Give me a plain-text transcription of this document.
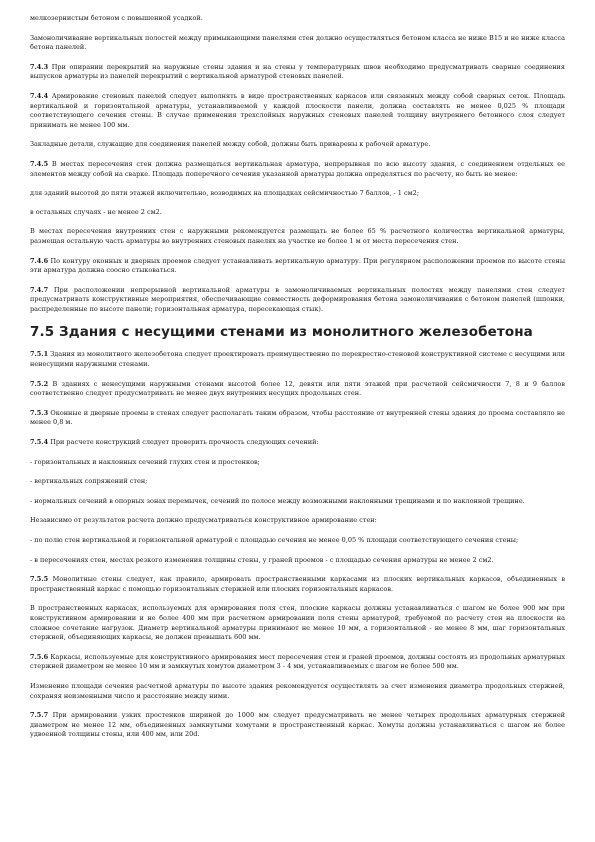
мелкозернистым бетоном с повышенной усадкой.

Замоноличивание вертикальных полостей между примыкающими панелями стен должно осуществляться бетоном класса не ниже В15 и не ниже класса бетона панелей.

7.4.3 При опирании перекрытий на наружные стены здания и на стены у температурных швов необходимо предусматривать сварные соединения выпусков арматуры из панелей перекрытий с вертикальной арматурой стеновых панелей.

7.4.4 Армирование стеновых панелей следует выполнять в виде пространственных каркасов или связанных между собой сварных сеток. Площадь вертикальной и горизонтальной арматуры, устанавливаемой у каждой плоскости панели, должна составлять не менее 0,025 % площади соответствующего сечения стены. В случае применения трехслойных наружных стеновых панелей толщину внутреннего бетонного слоя следует принимать не менее 100 мм.

Закладные детали, служащие для соединения панелей между собой, должны быть приварены к рабочей арматуре.

7.4.5 В местах пересечения стен должна размещаться вертикальная арматура, непрерывная по всю высоту здания, с соединением отдельных ее элементов между собой на сварке. Площадь поперечного сечения указанной арматуры должна определяться по расчету, но быть не менее:

для зданий высотой до пяти этажей включительно, возводимых на площадках сейсмичностью 7 баллов, - 1 см2;

в остальных случаях - не менее 2 см2.

В местах пересечения внутренних стен с наружными рекомендуется размещать не более 65 % расчетного количества вертикальной арматуры, размещая остальную часть арматуры во внутренних стеновых панелях на участке не более 1 м от места пересечения стен.

7.4.6 По контуру оконных и дверных проемов следует устанавливать вертикальную арматуру. При регулярном расположении проемов по высоте стены эти арматура должна соосно стыковаться.

7.4.7 При расположении непрерывной вертикальной арматуры в замоноличиваемых вертикальных полостях между панелями стен следует предусматривать конструктивные мероприятия, обеспечивающие совместность деформирования бетона замоноличивания с бетоном панелей (шпонки, распределенные по высоте панели; горизонтальная арматура, пересекающая стык).

7.5 Здания с несущими стенами из монолитного железобетона

7.5.1 Здания из монолитного железобетона следует проектировать преимущественно по перекрестно-стеновой конструктивной системе с несущими или ненесущими наружными стенами.

7.5.2 В зданиях с ненесущими наружными стенами высотой более 12, девяти или пяти этажей при расчетной сейсмичности 7, 8 и 9 баллов соответственно следует предусматривать не менее двух внутренних несущих продольных стен.

7.5.3 Оконные и дверные проемы в стенах следует располагать таким образом, чтобы расстояние от внутренней стены здания до проема составляло не менее 0,8 м.

7.5.4 При расчете конструкций следует проверить прочность следующих сечений:

- горизонтальных и наклонных сечений глухих стен и простенков;

- вертикальных сопряжений стен;

- нормальных сечений в опорных зонах перемычек, сечений по полосе между возможными наклонными трещинами и по наклонной трещине.

Независимо от результатов расчета должно предусматриваться конструктивное армирование стен:

- по полю стен вертикальной и горизонтальной арматурой с площадью сечения не менее 0,05 % площади соответствующего сечения стены;

- в пересечениях стен, местах резкого изменения толщины стены, у граней проемов - с площадью сечения арматуры не менее 2 см2.

7.5.5 Монолитные стены следует, как правило, армировать пространственными каркасами из плоских вертикальных каркасов, объединенных в пространственный каркас с помощью горизонтальных стержней или плоских горизонтальных каркасов.

В пространственных каркасах, используемых для армирования поля стен, плоские каркасы должны устанавливаться с шагом не более 900 мм при конструктивном армировании и не более 400 мм при расчетном армировании поля стены арматурой, требуемой по расчету стен на плоскости на сложное сочетание нагрузок. Диаметр вертикальной арматуры принимают не менее 10 мм, а горизонтальной - не менее 8 мм, шаг горизонтальных стержней, объединяющих каркасы, не должен превышать 600 мм.

7.5.6 Каркасы, используемые для конструктивного армирования мест пересечения стен и граней проемов, должны состоять из продольных арматурных стержней диаметром не менее 10 мм и замкнутых хомутов диаметром 3 - 4 мм, устанавливаемых с шагом не более 500 мм.

Изменение площади сечения расчетной арматуры по высоте здания рекомендуется осуществлять за счет изменения диаметра продольных стержней, сохраняя неизменными число и расстояние между ними.

7.5.7 При армировании узких простенков шириной до 1000 мм следует предусматривать не менее четырех продольных арматурных стержней диаметром не менее 12 мм, объединенных замкнутыми хомутами в пространственный каркас. Хомуты должны устанавливаться с шагом не более удвоенной толщины стены, или 400 мм, или 20d.
